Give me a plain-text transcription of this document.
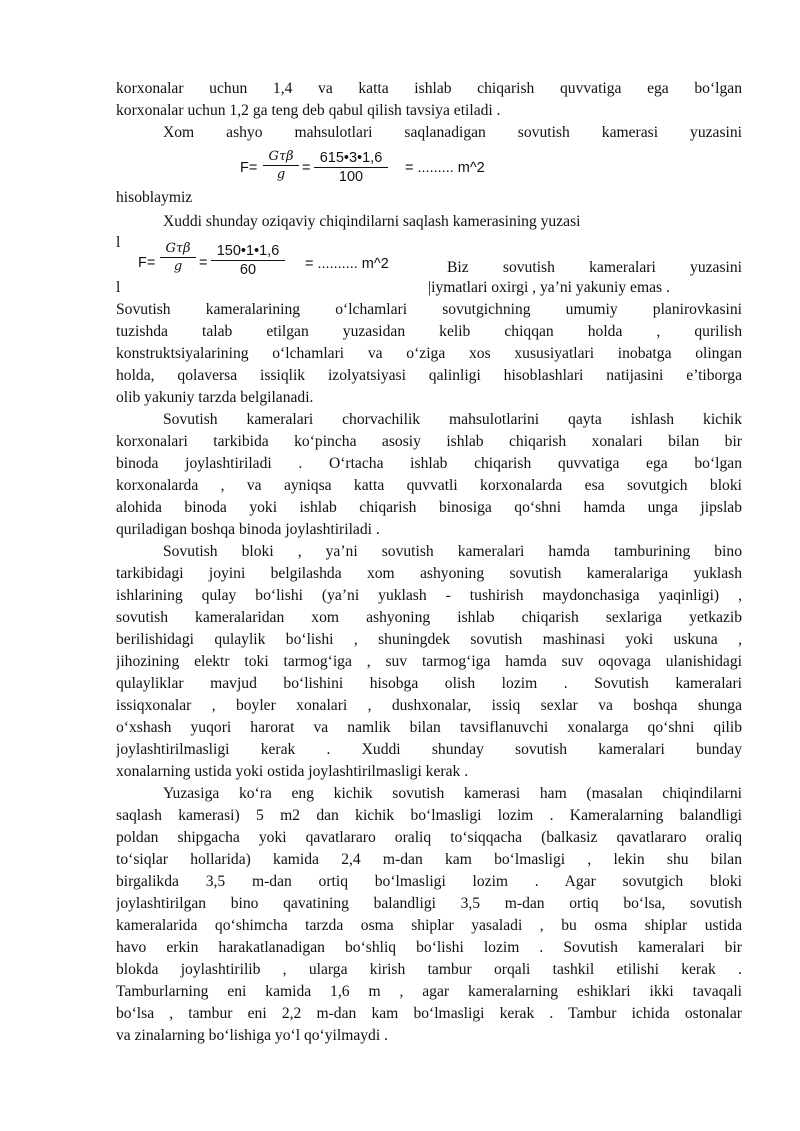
korxonalar uchun 1,4 va katta ishlab chiqarish quvvatiga ega bo‘lgan
korxonalar uchun 1,2 ga teng deb qabul qilish tavsiya etiladi .
Xom ashyo mahsulotlari saqlanadigan sovutish kamerasi yuzasini
F=
Gτβ
g	=
615•3•1,6
100
= ......... m^2
hisoblaymiz
Xuddi shunday oziqaviy chiqindilarni saqlash kamerasining yuzasi
l
Biz sovutish kameralari yuzasini
l	|iymatlari oxirgi , ya’ni yakuniy emas .
F=
Gτβ
g	=
150•1•1,6
60	= .......... m^2
Sovutish kameralarining o‘lchamlari sovutgichning umumiy planirovkasini
tuzishda talab etilgan yuzasidan kelib chiqqan holda , qurilish
konstruktsiyalarining o‘lchamlari va o‘ziga xos xususiyatlari inobatga olingan
holda, qolaversa issiqlik izolyatsiyasi qalinligi hisoblashlari natijasini e’tiborga
olib yakuniy tarzda belgilanadi.
Sovutish kameralari chorvachilik mahsulotlarini qayta ishlash kichik
korxonalari tarkibida ko‘pincha asosiy ishlab chiqarish xonalari bilan bir
binoda joylashtiriladi . O‘rtacha ishlab chiqarish quvvatiga ega bo‘lgan
korxonalarda , va ayniqsa katta quvvatli korxonalarda esa sovutgich bloki
alohida binoda yoki ishlab chiqarish binosiga qo‘shni hamda unga jipslab
quriladigan boshqa binoda joylashtiriladi .
Sovutish bloki , ya’ni sovutish kameralari hamda tamburining bino
tarkibidagi joyini belgilashda xom ashyoning sovutish kameralariga yuklash
ishlarining qulay bo‘lishi (ya’ni yuklash - tushirish maydonchasiga yaqinligi) ,
sovutish kameralaridan xom ashyoning ishlab chiqarish sexlariga yetkazib
berilishidagi qulaylik bo‘lishi , shuningdek sovutish mashinasi yoki uskuna ,
jihozining elektr toki tarmog‘iga , suv tarmog‘iga hamda suv oqovaga ulanishidagi
qulayliklar mavjud bo‘lishini hisobga olish lozim . Sovutish kameralari
issiqxonalar , boyler xonalari , dushxonalar, issiq sexlar va boshqa shunga
o‘xshash yuqori harorat va namlik bilan tavsiflanuvchi xonalarga qo‘shni qilib
joylashtirilmasligi kerak . Xuddi shunday sovutish kameralari bunday
xonalarning ustida yoki ostida joylashtirilmasligi kerak .
Yuzasiga ko‘ra eng kichik sovutish kamerasi ham (masalan chiqindilarni
saqlash kamerasi) 5 m2 dan kichik bo‘lmasligi lozim . Kameralarning balandligi
poldan shipgacha yoki qavatlararo oraliq to‘siqqacha (balkasiz qavatlararo oraliq
to‘siqlar hollarida) kamida 2,4 m-dan kam bo‘lmasligi , lekin shu bilan
birgalikda 3,5 m-dan ortiq bo‘lmasligi lozim . Agar sovutgich bloki
joylashtirilgan bino qavatining balandligi 3,5 m-dan ortiq bo‘lsa, sovutish
kameralarida qo‘shimcha tarzda osma shiplar yasaladi , bu osma shiplar ustida
havo erkin harakatlanadigan bo‘shliq bo‘lishi lozim . Sovutish kameralari bir
blokda joylashtirilib , ularga kirish tambur orqali tashkil etilishi kerak .
Tamburlarning eni kamida 1,6 m , agar kameralarning eshiklari ikki tavaqali
bo‘lsa , tambur eni 2,2 m-dan kam bo‘lmasligi kerak . Tambur ichida ostonalar
va zinalarning bo‘lishiga yo‘l qo‘yilmaydi .
